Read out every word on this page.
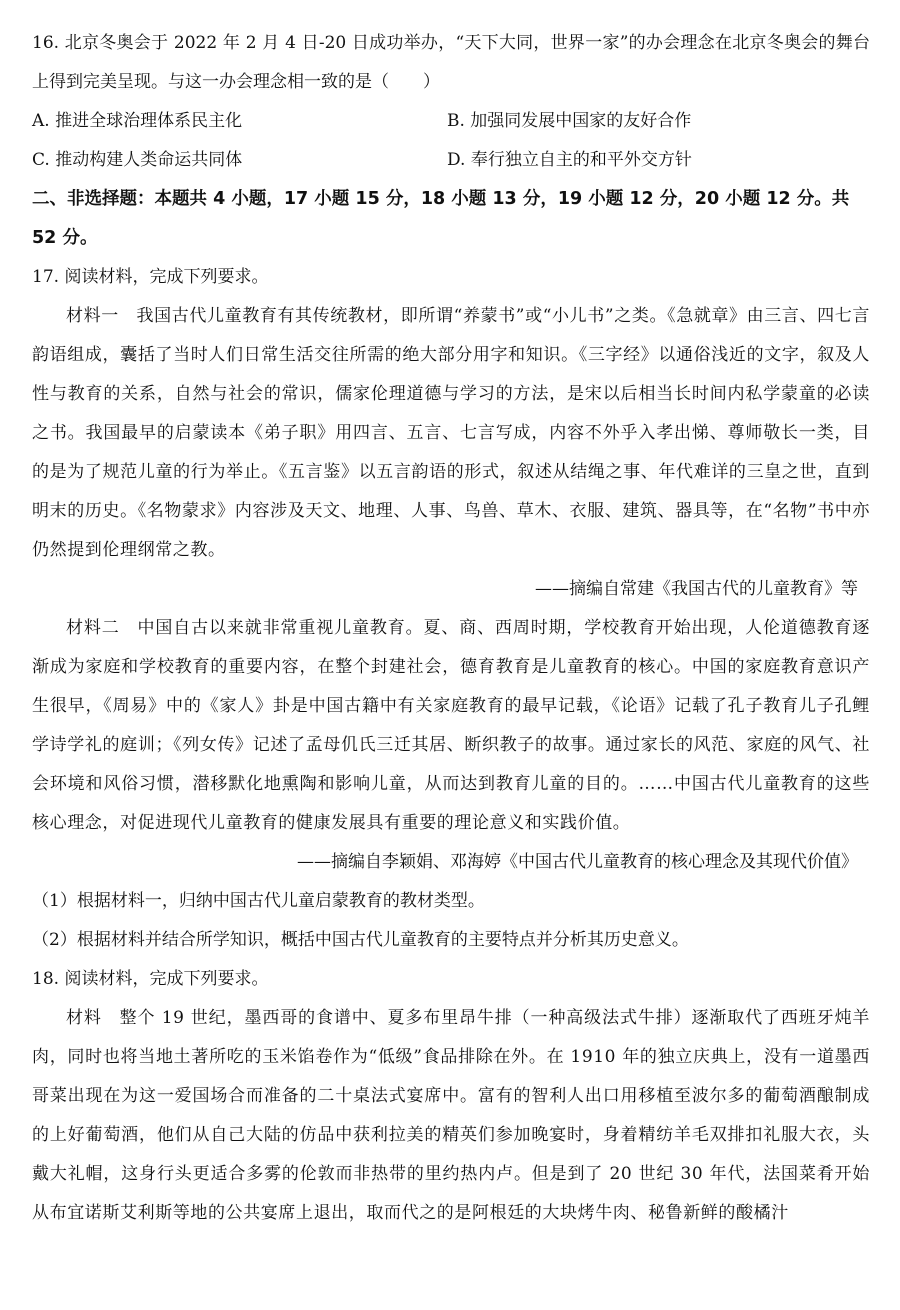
16. 北京冬奥会于 2022 年 2 月 4 日-20 日成功举办，“天下大同，世界一家”的办会理念在北京冬奥会的舞台上得到完美呈现。与这一办会理念相一致的是（　　）
A. 推进全球治理体系民主化	B. 加强同发展中国家的友好合作
C. 推动构建人类命运共同体	D. 奉行独立自主的和平外交方针
二、非选择题：本题共 4 小题，17 小题 15 分，18 小题 13 分，19 小题 12 分，20 小题 12 分。共 52 分。
17. 阅读材料，完成下列要求。
材料一　我国古代儿童教育有其传统教材，即所谓“养蒙书”或“小儿书”之类。《急就章》由三言、四七言韵语组成，囊括了当时人们日常生活交往所需的绝大部分用字和知识。《三字经》以通俗浅近的文字，叙及人性与教育的关系，自然与社会的常识，儒家伦理道德与学习的方法，是宋以后相当长时间内私学蒙童的必读之书。我国最早的启蒙读本《弟子职》用四言、五言、七言写成，内容不外乎入孝出悌、尊师敬长一类，目的是为了规范儿童的行为举止。《五言鉴》以五言韵语的形式，叙述从结绳之事、年代难详的三皇之世，直到明末的历史。《名物蒙求》内容涉及天文、地理、人事、鸟兽、草木、衣服、建筑、器具等，在“名物”书中亦仍然提到伦理纲常之教。
——摘编自常建《我国古代的儿童教育》等
材料二　中国自古以来就非常重视儿童教育。夏、商、西周时期，学校教育开始出现，人伦道德教育逐渐成为家庭和学校教育的重要内容，在整个封建社会，德育教育是儿童教育的核心。中国的家庭教育意识产生很早，《周易》中的《家人》卦是中国古籍中有关家庭教育的最早记载，《论语》记载了孔子教育儿子孔鲤学诗学礼的庭训；《列女传》记述了孟母仉氏三迁其居、断织教子的故事。通过家长的风范、家庭的风气、社会环境和风俗习惯，潜移默化地熏陶和影响儿童，从而达到教育儿童的目的。……中国古代儿童教育的这些核心理念，对促进现代儿童教育的健康发展具有重要的理论意义和实践价值。
——摘编自李颖娟、邓海婷《中国古代儿童教育的核心理念及其现代价值》
（1）根据材料一，归纳中国古代儿童启蒙教育的教材类型。
（2）根据材料并结合所学知识，概括中国古代儿童教育的主要特点并分析其历史意义。
18. 阅读材料，完成下列要求。
材料　整个 19 世纪，墨西哥的食谱中、夏多布里昂牛排（一种高级法式牛排）逐渐取代了西班牙炖羊肉，同时也将当地土著所吃的玉米馅卷作为“低级”食品排除在外。在 1910 年的独立庆典上，没有一道墨西哥菜出现在为这一爱国场合而准备的二十桌法式宴席中。富有的智利人出口用移植至波尔多的葡萄酒酿制成的上好葡萄酒，他们从自己大陆的仿品中获利拉美的精英们参加晚宴时，身着精纺羊毛双排扣礼服大衣，头戴大礼帽，这身行头更适合多雾的伦敦而非热带的里约热内卢。但是到了 20 世纪 30 年代，法国菜肴开始从布宜诺斯艾利斯等地的公共宴席上退出，取而代之的是阿根廷的大块烤牛肉、秘鲁新鲜的酸橘汁
